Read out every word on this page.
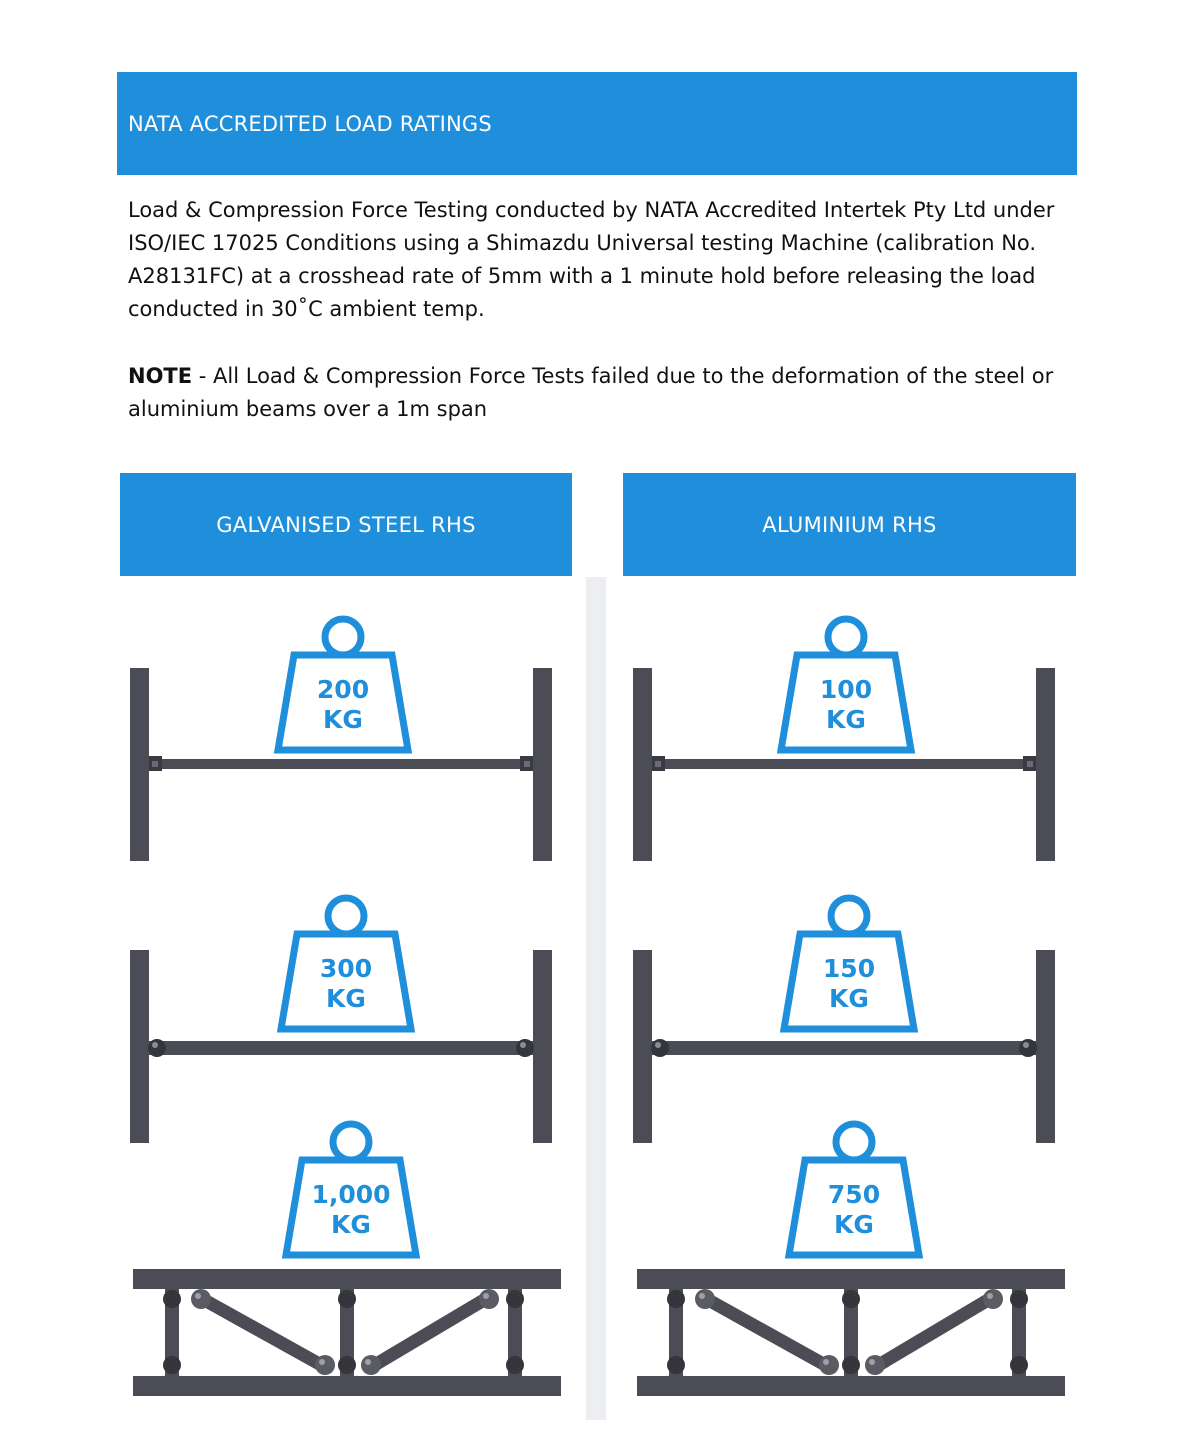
NATA ACCREDITED LOAD RATINGS
Load & Compression Force Testing conducted by NATA Accredited Intertek Pty Ltd under ISO/IEC 17025 Conditions using a Shimazdu Universal testing Machine (calibration No. A28131FC) at a crosshead rate of 5mm with a 1 minute hold before releasing the load conducted in 30˚C ambient temp.
NOTE - All Load & Compression Force Tests failed due to the deformation of the steel or aluminium beams over a 1m span
GALVANISED STEEL RHS	ALUMINIUM RHS
200
KG
300
KG
1,000
KG
100
KG
150
KG
750
KG
